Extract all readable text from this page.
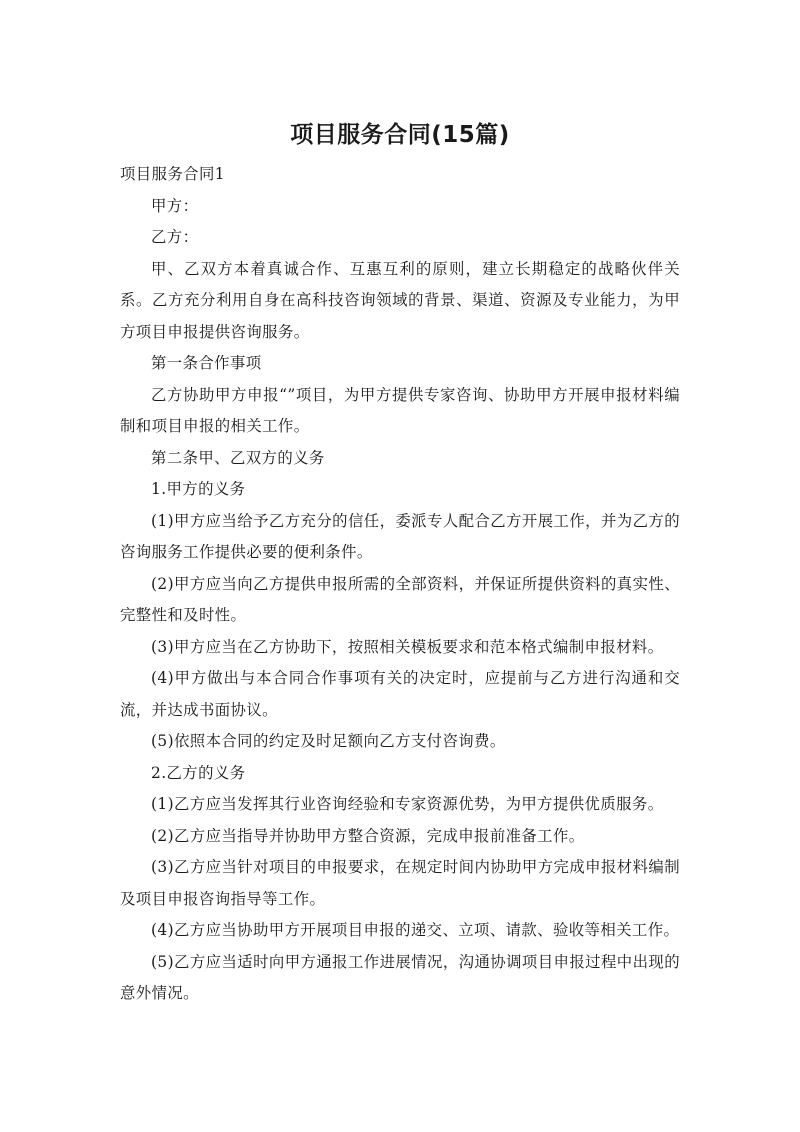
项目服务合同(15篇)

项目服务合同1

甲方：

乙方：

甲、乙双方本着真诚合作、互惠互利的原则，建立长期稳定的战略伙伴关系。乙方充分利用自身在高科技咨询领域的背景、渠道、资源及专业能力，为甲方项目申报提供咨询服务。

第一条合作事项

乙方协助甲方申报“”项目，为甲方提供专家咨询、协助甲方开展申报材料编制和项目申报的相关工作。

第二条甲、乙双方的义务

1.甲方的义务

(1)甲方应当给予乙方充分的信任，委派专人配合乙方开展工作，并为乙方的咨询服务工作提供必要的便利条件。

(2)甲方应当向乙方提供申报所需的全部资料，并保证所提供资料的真实性、完整性和及时性。

(3)甲方应当在乙方协助下，按照相关模板要求和范本格式编制申报材料。

(4)甲方做出与本合同合作事项有关的决定时，应提前与乙方进行沟通和交流，并达成书面协议。

(5)依照本合同的约定及时足额向乙方支付咨询费。

2.乙方的义务

(1)乙方应当发挥其行业咨询经验和专家资源优势，为甲方提供优质服务。

(2)乙方应当指导并协助甲方整合资源，完成申报前准备工作。

(3)乙方应当针对项目的申报要求，在规定时间内协助甲方完成申报材料编制及项目申报咨询指导等工作。

(4)乙方应当协助甲方开展项目申报的递交、立项、请款、验收等相关工作。

(5)乙方应当适时向甲方通报工作进展情况，沟通协调项目申报过程中出现的意外情况。
